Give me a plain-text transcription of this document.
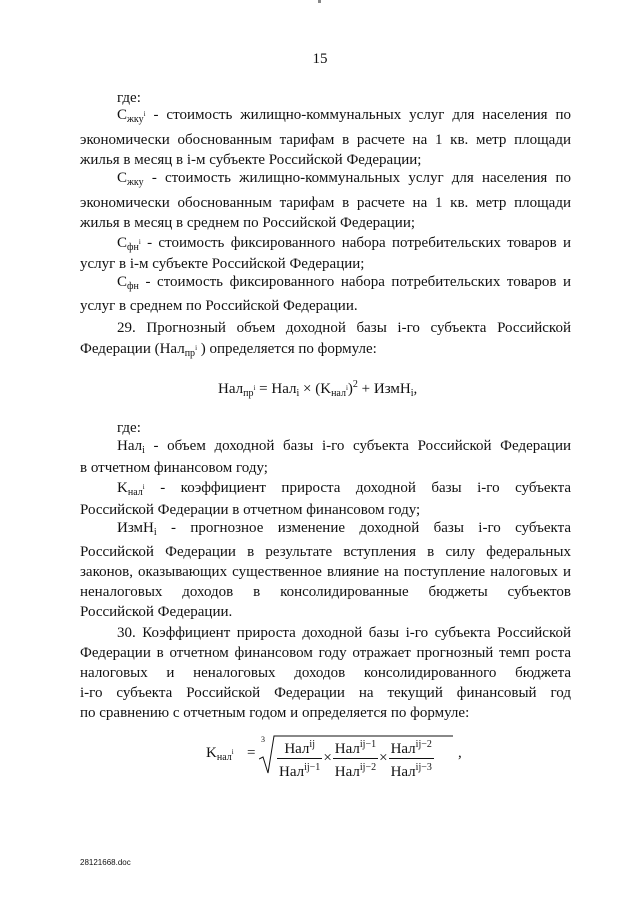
15
где:
$С_{жку^i}$ - стоимость жилищно-коммунальных услуг для населения по
экономически обоснованным тарифам в расчете на 1 кв. метр площади
жилья в месяц в i-м субъекте Российской Федерации;
$С_{жку}$ - стоимость жилищно-коммунальных услуг для населения по
экономически обоснованным тарифам в расчете на 1 кв. метр площади
жилья в месяц в среднем по Российской Федерации;
$С_{фн^i}$ - стоимость фиксированного набора потребительских товаров и
услуг в i-м субъекте Российской Федерации;
$С_{фн}$ - стоимость фиксированного набора потребительских товаров и
услуг в среднем по Российской Федерации.
29. Прогнозный объем доходной базы i-го субъекта Российской
Федерации (Нал$_{пр^i}$ ) определяется по формуле:
$Нал_{пр^i} = Нал_i \times (K_{нал^i})^2$ + ИзмН$_i$,
где:
Нал$_i$ - объем доходной базы i-го субъекта Российской Федерации
в отчетном финансовом году;
$K_{нал^i}$ - коэффициент прироста доходной базы i-го субъекта
Российской Федерации в отчетном финансовом году;
ИзмН$_i$ - прогнозное изменение доходной базы i-го субъекта
Российской Федерации в результате вступления в силу федеральных
законов, оказывающих существенное влияние на поступление налоговых и
неналоговых доходов в консолидированные бюджеты субъектов
Российской Федерации.
30. Коэффициент прироста доходной базы i-го субъекта Российской
Федерации в отчетном финансовом году отражает прогнозный темп роста
налоговых и неналоговых доходов консолидированного бюджета
i-го субъекта Российской Федерации на текущий финансовый год
по сравнению с отчетным годом и определяется по формуле:
$K_{нал^i}$ =
$3 \frac{Нал^{ij}}{Нал^{ij-1}} \times \frac{Нал^{ij-1}}{Нал^{ij-2}} \times \frac{Нал^{ij-2}}{Нал^{ij-3}}$ ,
28121668.doc
